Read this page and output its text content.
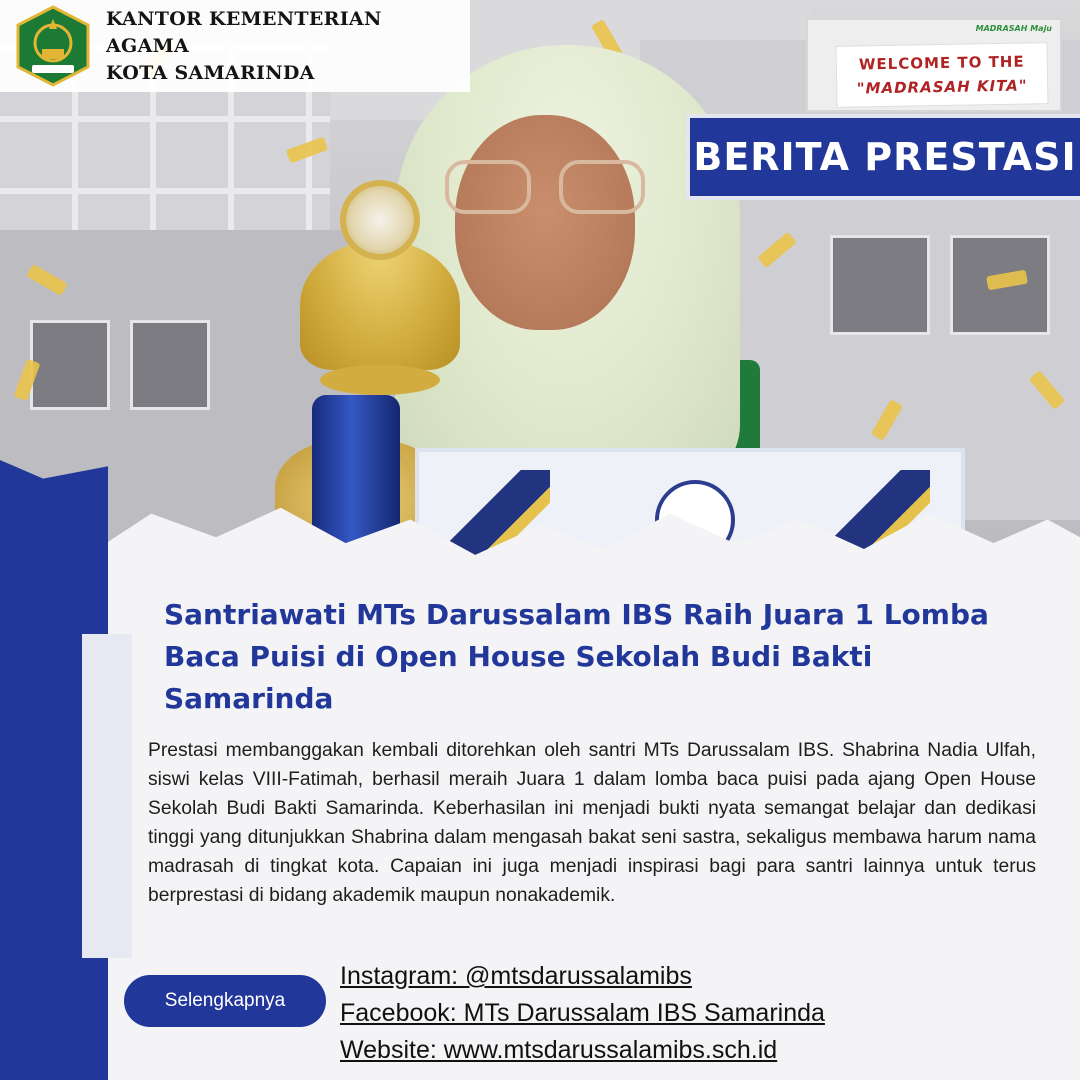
KANTOR KEMENTERIAN AGAMA
KOTA SAMARINDA
MADRASAH Maju
WELCOME TO THE
"MADRASAH KITA"
BERITA PRESTASI
Santriawati MTs Darussalam IBS Raih Juara 1 Lomba Baca Puisi di Open House Sekolah Budi Bakti Samarinda

Prestasi membanggakan kembali ditorehkan oleh santri MTs Darussalam IBS. Shabrina Nadia Ulfah, siswi kelas VIII-Fatimah, berhasil meraih Juara 1 dalam lomba baca puisi pada ajang Open House Sekolah Budi Bakti Samarinda. Keberhasilan ini menjadi bukti nyata semangat belajar dan dedikasi tinggi yang ditunjukkan Shabrina dalam mengasah bakat seni sastra, sekaligus membawa harum nama madrasah di tingkat kota. Capaian ini juga menjadi inspirasi bagi para santri lainnya untuk terus berprestasi di bidang akademik maupun nonakademik.

Selengkapnya
Instagram: @mtsdarussalamibs
Facebook: MTs Darussalam IBS Samarinda
Website: www.mtsdarussalamibs.sch.id
